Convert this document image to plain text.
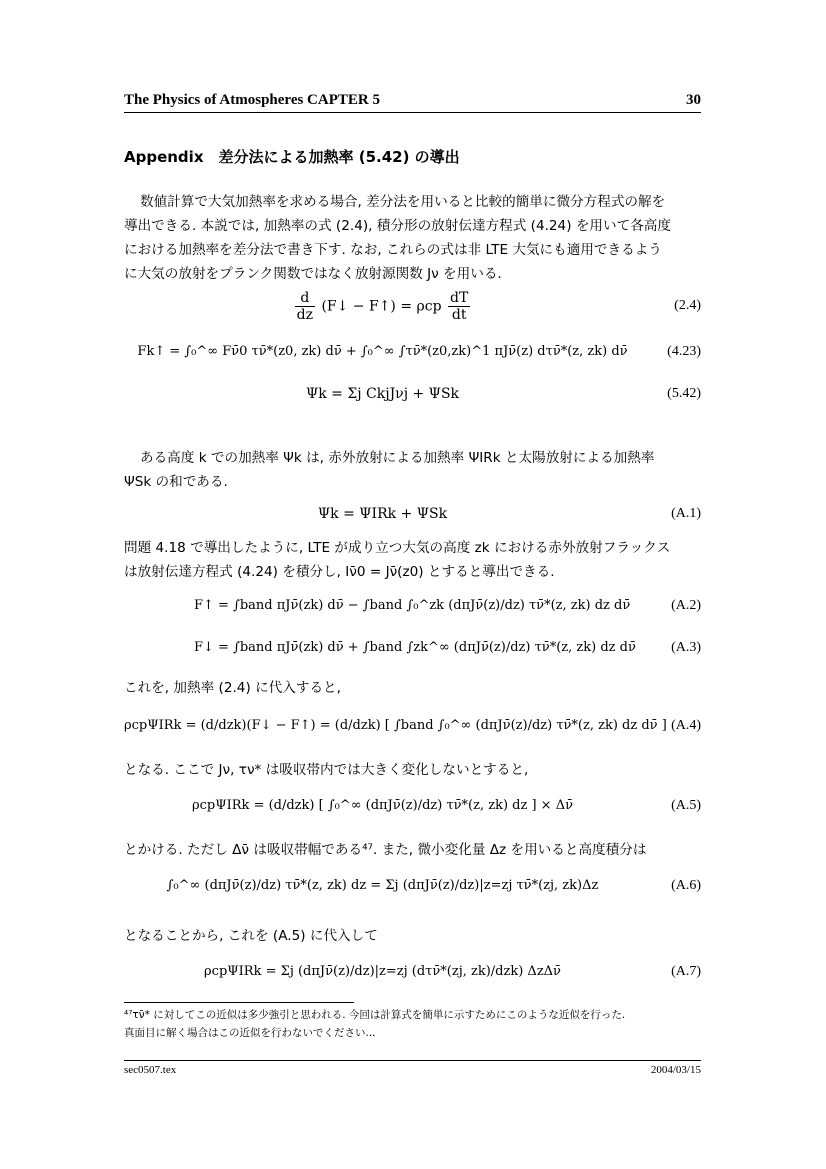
The Physics of Atmospheres CAPTER 5	30
Appendix　差分法による加熱率 (5.42) の導出
数値計算で大気加熱率を求める場合, 差分法を用いると比較的簡単に微分方程式の解を
導出できる. 本説では, 加熱率の式 (2.4), 積分形の放射伝達方程式 (4.24) を用いて各高度
における加熱率を差分法で書き下す. なお, これらの式は非 LTE 大気にも適用できるよう
に大気の放射をプランク関数ではなく放射源関数 Jν を用いる.
$\frac{d}{dz}$ (F↓ − F↑) = ρcp $\frac{dT}{dt}$	(2.4)
Fk↑ = ∫₀^∞ Fν̄0 τν̄*(z0, zk) dν̄ + ∫₀^∞ ∫τν̄*(z0,zk)^1 πJν̄(z) dτν̄*(z, zk) dν̄	(4.23)
Ψk = Σj CkjJνj + ΨSk	(5.42)
ある高度 k での加熱率 Ψk は, 赤外放射による加熱率 ΨIRk と太陽放射による加熱率
ΨSk の和である.
Ψk = ΨIRk + ΨSk	(A.1)
問題 4.18 で導出したように, LTE が成り立つ大気の高度 zk における赤外放射フラックス
は放射伝達方程式 (4.24) を積分し, Iν̄0 = Jν̄(z0) とすると導出できる.
F↑ = ∫band πJν̄(zk) dν̄ − ∫band ∫₀^zk (dπJν̄(z)/dz) τν̄*(z, zk) dz dν̄	(A.2)
F↓ = ∫band πJν̄(zk) dν̄ + ∫band ∫zk^∞ (dπJν̄(z)/dz) τν̄*(z, zk) dz dν̄	(A.3)
これを, 加熱率 (2.4) に代入すると,
ρcpΨIRk = (d/dzk)(F↓ − F↑) = (d/dzk) [ ∫band ∫₀^∞ (dπJν̄(z)/dz) τν̄*(z, zk) dz dν̄ ] (A.4)
となる. ここで Jν, τν* は吸収帯内では大きく変化しないとすると,
ρcpΨIRk = (d/dzk) [ ∫₀^∞ (dπJν̄(z)/dz) τν̄*(z, zk) dz ] × Δν̄	(A.5)
とかける. ただし Δν̄ は吸収帯幅である⁴⁷. また, 微小変化量 Δz を用いると高度積分は
∫₀^∞ (dπJν̄(z)/dz) τν̄*(z, zk) dz = Σj (dπJν̄(z)/dz)|z=zj τν̄*(zj, zk)Δz	(A.6)
となることから, これを (A.5) に代入して
ρcpΨIRk = Σj (dπJν̄(z)/dz)|z=zj (dτν̄*(zj, zk)/dzk) ΔzΔν̄	(A.7)
⁴⁷τν̄* に対してこの近似は多少強引と思われる. 今回は計算式を簡単に示すためにこのような近似を行った.
真面目に解く場合はこの近似を行わないでください...
sec0507.tex	2004/03/15
